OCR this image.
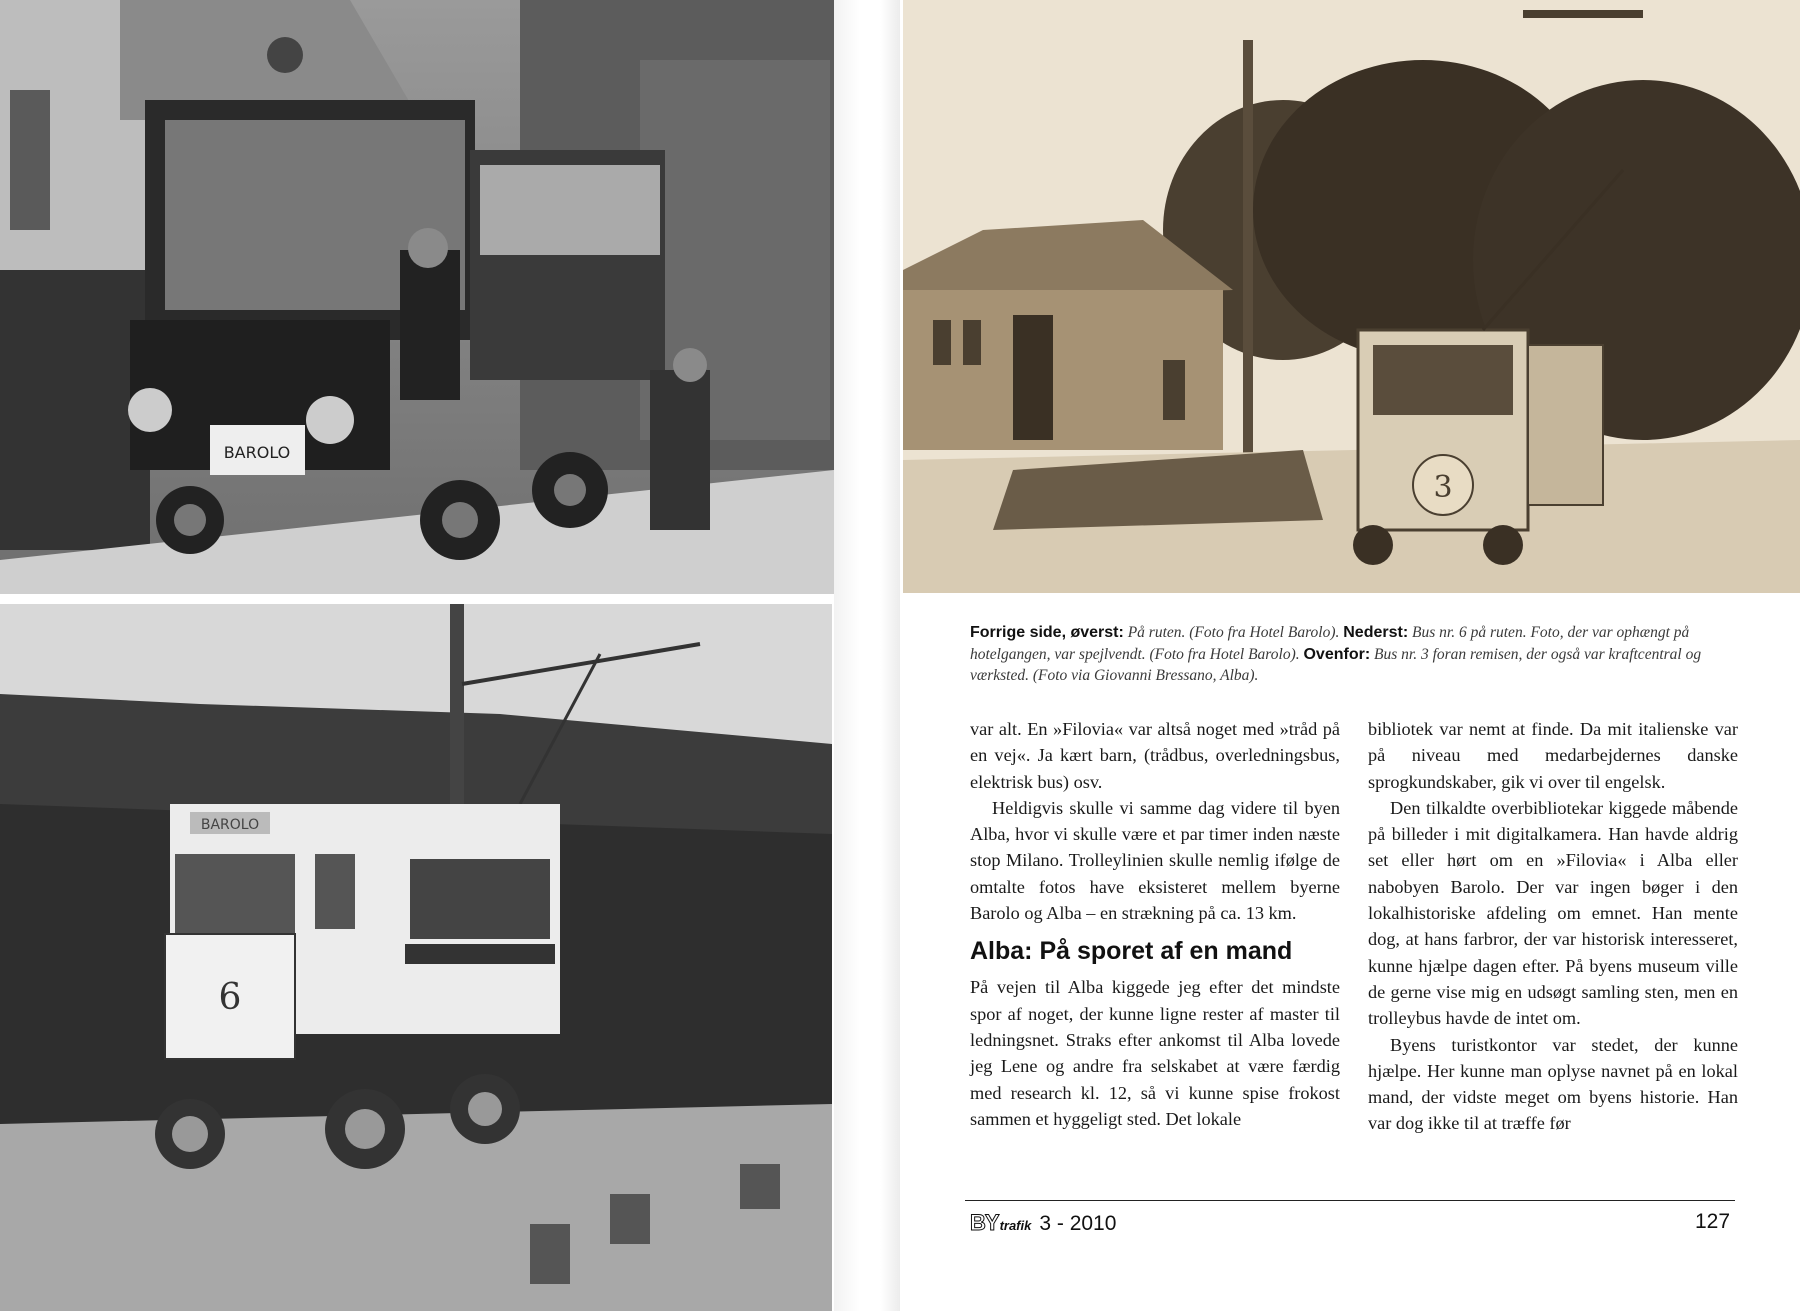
BAROLO
BAROLO
6
3
Forrige side, øverst: På ruten. (Foto fra Hotel Barolo). Nederst: Bus nr. 6 på ruten. Foto, der var ophængt på hotelgangen, var spejlvendt. (Foto fra Hotel Barolo). Ovenfor: Bus nr. 3 foran remisen, der også var kraftcentral og værksted. (Foto via Giovanni Bressano, Alba).

var alt. En »Filovia« var altså noget med »tråd på en vej«. Ja kært barn, (trådbus, overledningsbus, elektrisk bus) osv.

Heldigvis skulle vi samme dag videre til byen Alba, hvor vi skulle være et par timer inden næste stop Milano. Trolleylinien skulle nemlig ifølge de omtalte fotos have eksisteret mellem byerne Barolo og Alba – en strækning på ca. 13 km.

Alba: På sporet af en mand

På vejen til Alba kiggede jeg efter det mindste spor af noget, der kunne ligne rester af master til ledningsnet. Straks efter ankomst til Alba lovede jeg Lene og andre fra selskabet at være færdig med research kl. 12, så vi kunne spise frokost sammen et hyggeligt sted. Det lokale

bibliotek var nemt at finde. Da mit italienske var på niveau med medarbejdernes danske sprogkundskaber, gik vi over til engelsk.

Den tilkaldte overbibliotekar kiggede måbende på billeder i mit digitalkamera. Han havde aldrig set eller hørt om en »Filovia« i Alba eller nabobyen Barolo. Der var ingen bøger i den lokalhistoriske afdeling om emnet. Han mente dog, at hans farbror, der var historisk interesseret, kunne hjælpe dagen efter. På byens museum ville de gerne vise mig en udsøgt samling sten, men en trolleybus havde de intet om.

Byens turistkontor var stedet, der kunne hjælpe. Her kunne man oplyse navnet på en lokal mand, der vidste meget om byens historie. Han var dog ikke til at træffe før

BY trafik 3 - 2010	127
